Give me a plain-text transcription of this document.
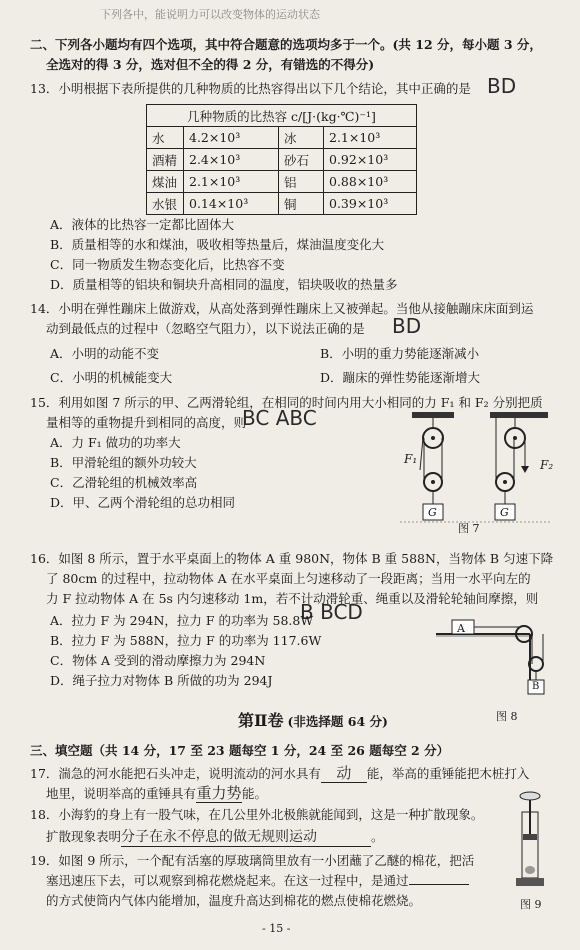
下列各中，能说明力可以改变物体的运动状态
二、下列各小题均有四个选项，其中符合题意的选项均多于一个。(共 12 分，每小题 3 分，
全选对的得 3 分，选对但不全的得 2 分，有错选的不得分)
13．小明根据下表所提供的几种物质的比热容得出以下几个结论，其中正确的是 BD
几种物质的比热容 c/[J·(kg·℃)⁻¹]			
水	4.2×10³	冰	2.1×10³
酒精	2.4×10³	砂石	0.92×10³
煤油	2.1×10³	铝	0.88×10³
水银	0.14×10³	铜	0.39×10³
A．液体的比热容一定都比固体大
B．质量相等的水和煤油，吸收相等热量后，煤油温度变化大
C．同一物质发生物态变化后，比热容不变
D．质量相等的铝块和铜块升高相同的温度，铝块吸收的热量多
14．小明在弹性蹦床上做游戏，从高处落到弹性蹦床上又被弹起。当他从接触蹦床床面到运
动到最低点的过程中（忽略空气阻力），以下说法正确的是 BD
A．小明的动能不变	B．小明的重力势能逐渐减小
C．小明的机械能变大	D．蹦床的弹性势能逐渐增大
15．利用如图 7 所示的甲、乙两滑轮组，在相同的时间内用大小相同的力 F₁ 和 F₂ 分别把质
量相等的重物提升到相同的高度，则
BC ABC
A．力 F₁ 做功的功率大
B．甲滑轮组的额外功较大
C．乙滑轮组的机械效率高
D．甲、乙两个滑轮组的总功相同
F₁	F₂
G	G
图 7
16．如图 8 所示，置于水平桌面上的物体 A 重 980N，物体 B 重 588N，当物体 B 匀速下降
了 80cm 的过程中，拉动物体 A 在水平桌面上匀速移动了一段距离；当用一水平向左的
力 F 拉动物体 A 在 5s 内匀速移动 1m，若不计动滑轮重、绳重以及滑轮轮轴间摩擦，则
B BCD
A．拉力 F 为 294N，拉力 F 的功率为 58.8W
B．拉力 F 为 588N，拉力 F 的功率为 117.6W
C．物体 A 受到的滑动摩擦力为 294N
D．绳子拉力对物体 B 所做的功为 294J
A
B
图 8
第Ⅱ卷 (非选择题 64 分)
三、填空题（共 14 分，17 至 23 题每空 1 分，24 至 26 题每空 2 分）
17．湍急的河水能把石头冲走，说明流动的河水具有 动 能，举高的重锤能把木桩打入
地里，说明举高的重锤具有重力势能。
18．小海豹的身上有一股气味，在几公里外北极熊就能闻到，这是一种扩散现象。
扩散现象表明分子在永不停息的做无规则运动	。
19．如图 9 所示，一个配有活塞的厚玻璃筒里放有一小团蘸了乙醚的棉花，把活
塞迅速压下去，可以观察到棉花燃烧起来。在这一过程中，是通过
的方式使筒内气体内能增加，温度升高达到棉花的燃点使棉花燃烧。	图 9
- 15 -
